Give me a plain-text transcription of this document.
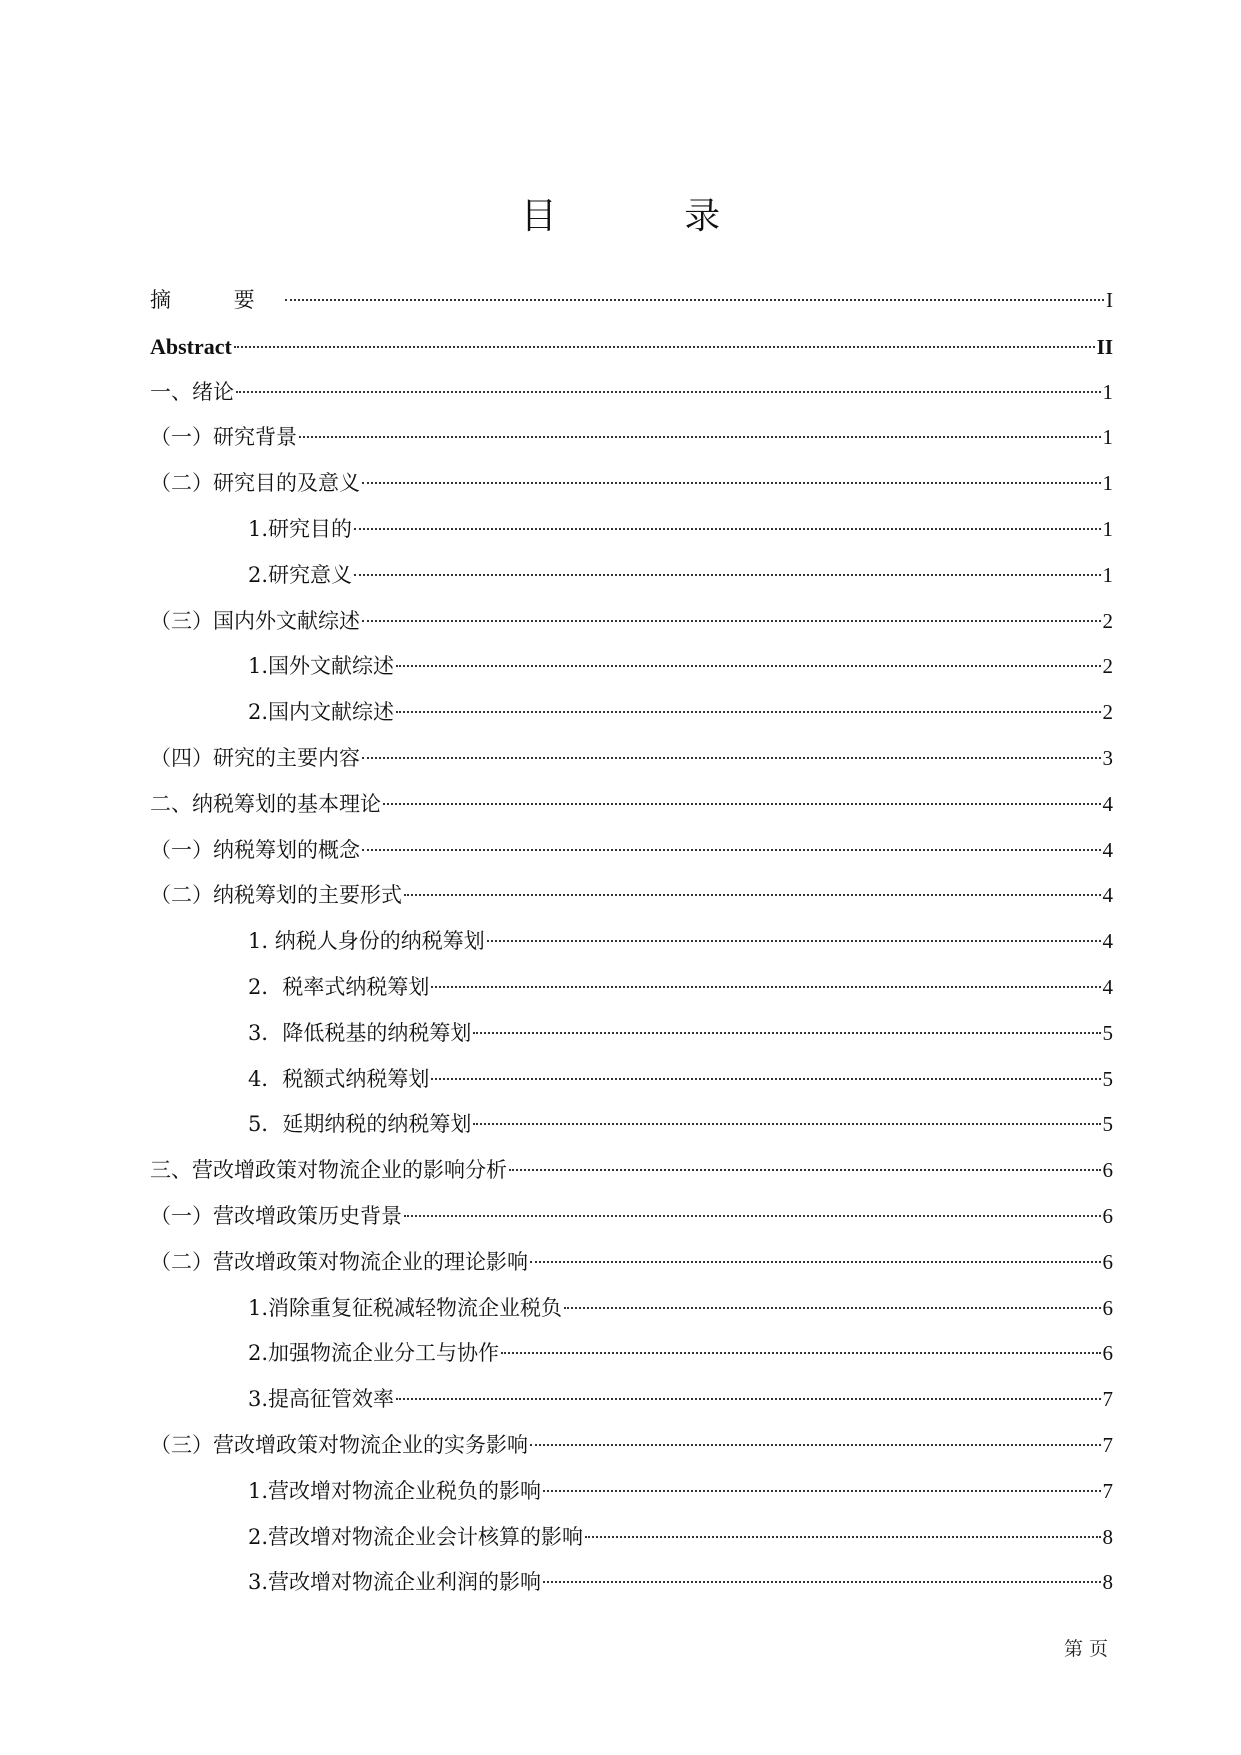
目 录
摘 要	I
Abstract	II
一、绪论	1
（一）研究背景	1
（二）研究目的及意义	1
1.研究目的	1
2.研究意义	1
（三）国内外文献综述	2
1.国外文献综述	2
2.国内文献综述	2
（四）研究的主要内容	3
二、纳税筹划的基本理论	4
（一）纳税筹划的概念	4
（二）纳税筹划的主要形式	4
1. 纳税人身份的纳税筹划	4
2．税率式纳税筹划	4
3．降低税基的纳税筹划	5
4．税额式纳税筹划	5
5．延期纳税的纳税筹划	5
三、营改增政策对物流企业的影响分析	6
（一）营改增政策历史背景	6
（二）营改增政策对物流企业的理论影响	6
1.消除重复征税减轻物流企业税负	6
2.加强物流企业分工与协作	6
3.提高征管效率	7
（三）营改增政策对物流企业的实务影响	7
1.营改增对物流企业税负的影响	7
2.营改增对物流企业会计核算的影响	8
3.营改增对物流企业利润的影响	8
第 页
